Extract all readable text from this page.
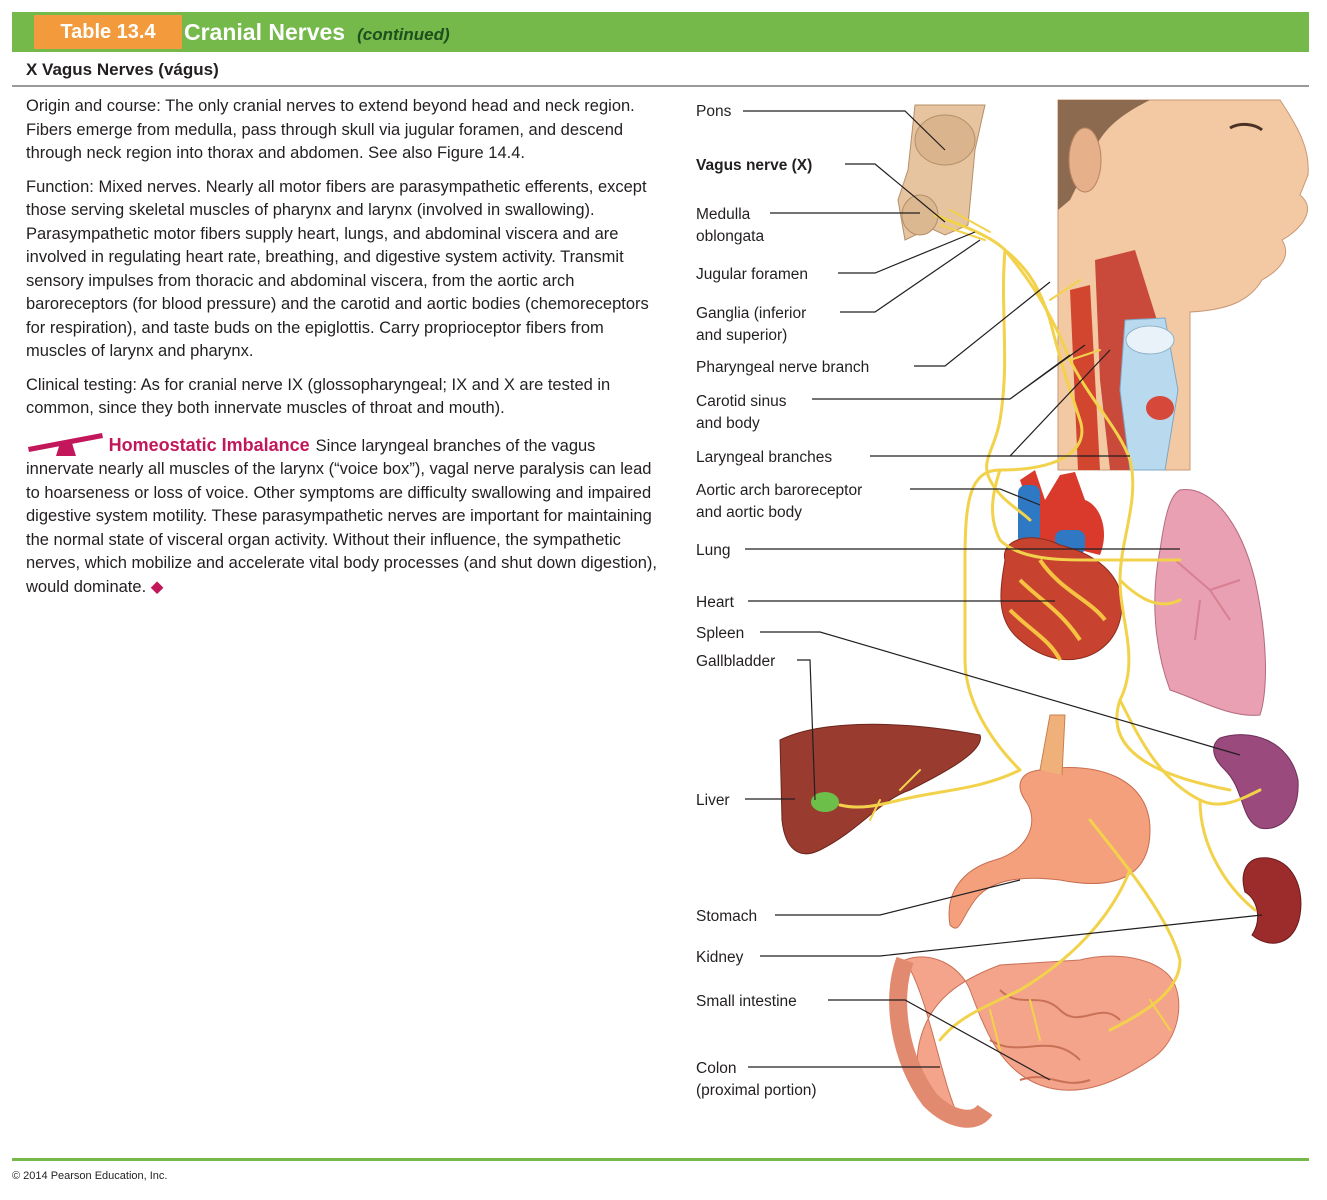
Table 13.4	Cranial Nerves (continued)
X Vagus Nerves (vágus)

Origin and course: The only cranial nerves to extend beyond head and neck region. Fibers emerge from medulla, pass through skull via jugular foramen, and descend through neck region into thorax and abdomen. See also Figure 14.4.

Function: Mixed nerves. Nearly all motor fibers are parasympathetic efferents, except those serving skeletal muscles of pharynx and larynx (involved in swallowing). Parasympathetic motor fibers supply heart, lungs, and abdominal viscera and are involved in regulating heart rate, breathing, and digestive system activity. Transmit sensory impulses from thoracic and abdominal viscera, from the aortic arch baroreceptors (for blood pressure) and the carotid and aortic bodies (chemoreceptors for respiration), and taste buds on the epiglottis. Carry proprioceptor fibers from muscles of larynx and pharynx.

Clinical testing: As for cranial nerve IX (glossopharyngeal; IX and X are tested in common, since they both innervate muscles of throat and mouth).

Homeostatic Imbalance Since laryngeal branches of the vagus innervate nearly all muscles of the larynx (“voice box”), vagal nerve paralysis can lead to hoarseness or loss of voice. Other symptoms are difficulty swallowing and impaired digestive system motility. These parasympathetic nerves are important for maintaining the normal state of visceral organ activity. Without their influence, the sympathetic nerves, which mobilize and accelerate vital body processes (and shut down digestion), would dominate. ◆

Pons
Vagus nerve (X)
Medulla
oblongata
Jugular foramen
Ganglia (inferior
and superior)
Pharyngeal nerve branch
Carotid sinus
and body
Laryngeal branches
Aortic arch baroreceptor
and aortic body
Lung
Heart
Spleen
Gallbladder
Liver
Stomach
Kidney
Small intestine
Colon
(proximal portion)
© 2014 Pearson Education, Inc.
